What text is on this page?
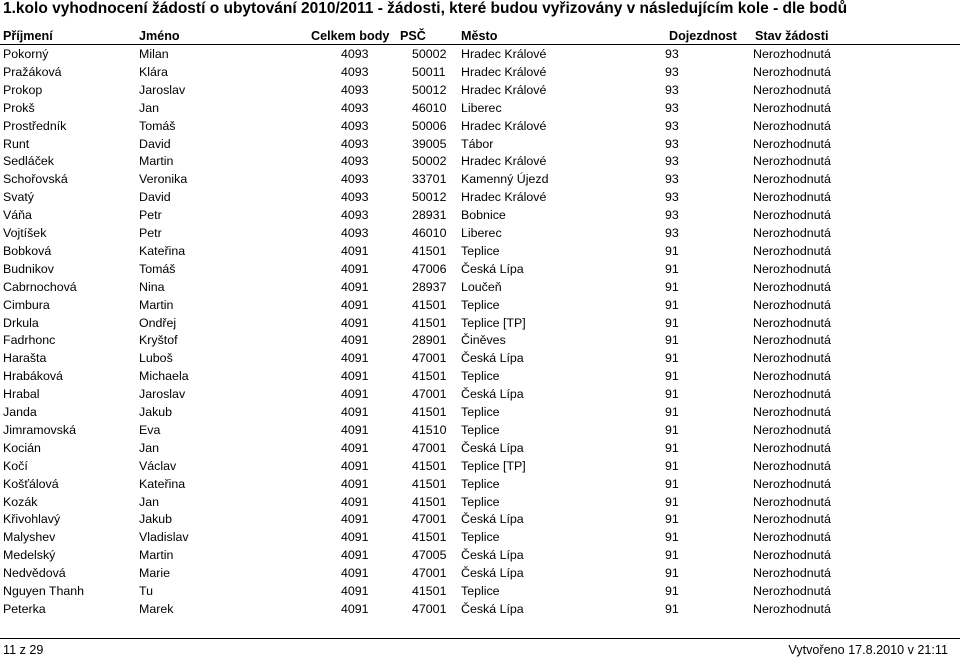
1.kolo vyhodnocení žádostí o ubytování 2010/2011 - žádosti, které budou vyřizovány v následujícím kole - dle bodů
Příjmení	Jméno	Celkem body PSČ	Město	Dojezdnost Stav žádosti
Pokorný	Milan	4093	50002 Hradec Králové	93	Nerozhodnutá
Pražáková	Klára	4093	50011 Hradec Králové	93	Nerozhodnutá
Prokop	Jaroslav	4093	50012 Hradec Králové	93	Nerozhodnutá
Prokš	Jan	4093	46010 Liberec	93	Nerozhodnutá
Prostředník	Tomáš	4093	50006 Hradec Králové	93	Nerozhodnutá
Runt	David	4093	39005 Tábor	93	Nerozhodnutá
Sedláček	Martin	4093	50002 Hradec Králové	93	Nerozhodnutá
Schořovská	Veronika	4093	33701 Kamenný Újezd	93	Nerozhodnutá
Svatý	David	4093	50012 Hradec Králové	93	Nerozhodnutá
Váňa	Petr	4093	28931 Bobnice	93	Nerozhodnutá
Vojtíšek	Petr	4093	46010 Liberec	93	Nerozhodnutá
Bobková	Kateřina	4091	41501 Teplice	91	Nerozhodnutá
Budnikov	Tomáš	4091	47006 Česká Lípa	91	Nerozhodnutá
Cabrnochová	Nina	4091	28937 Loučeň	91	Nerozhodnutá
Cimbura	Martin	4091	41501 Teplice	91	Nerozhodnutá
Drkula	Ondřej	4091	41501 Teplice [TP]	91	Nerozhodnutá
Fadrhonc	Kryštof	4091	28901 Činěves	91	Nerozhodnutá
Harašta	Luboš	4091	47001 Česká Lípa	91	Nerozhodnutá
Hrabáková	Michaela	4091	41501 Teplice	91	Nerozhodnutá
Hrabal	Jaroslav	4091	47001 Česká Lípa	91	Nerozhodnutá
Janda	Jakub	4091	41501 Teplice	91	Nerozhodnutá
Jimramovská	Eva	4091	41510 Teplice	91	Nerozhodnutá
Kocián	Jan	4091	47001 Česká Lípa	91	Nerozhodnutá
Kočí	Václav	4091	41501 Teplice [TP]	91	Nerozhodnutá
Košťálová	Kateřina	4091	41501 Teplice	91	Nerozhodnutá
Kozák	Jan	4091	41501 Teplice	91	Nerozhodnutá
Křivohlavý	Jakub	4091	47001 Česká Lípa	91	Nerozhodnutá
Malyshev	Vladislav	4091	41501 Teplice	91	Nerozhodnutá
Medelský	Martin	4091	47005 Česká Lípa	91	Nerozhodnutá
Nedvědová	Marie	4091	47001 Česká Lípa	91	Nerozhodnutá
Nguyen Thanh	Tu	4091	41501 Teplice	91	Nerozhodnutá
Peterka	Marek	4091	47001 Česká Lípa	91	Nerozhodnutá
11 z 29	Vytvořeno 17.8.2010 v 21:11
